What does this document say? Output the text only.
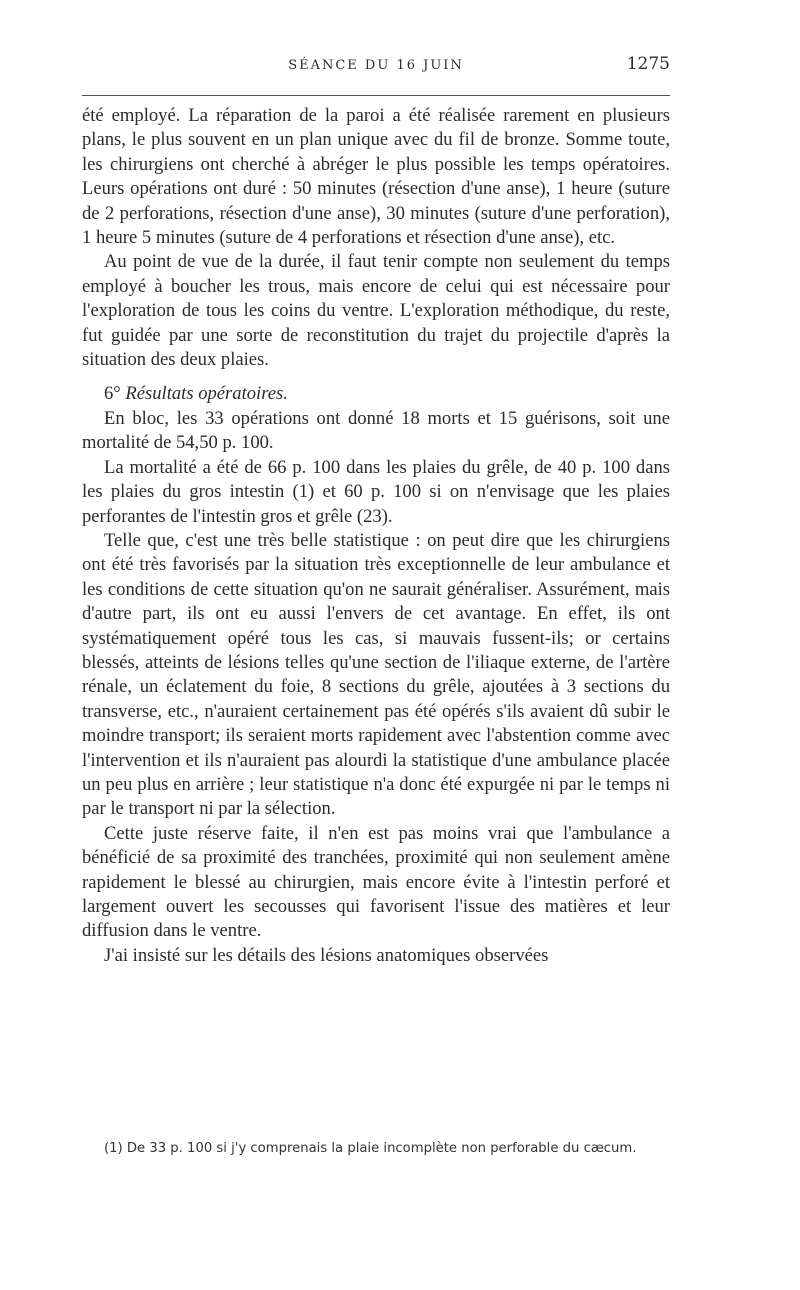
SÉANCE DU 16 JUIN	1275

été employé. La réparation de la paroi a été réalisée rarement en plusieurs plans, le plus souvent en un plan unique avec du fil de bronze. Somme toute, les chirurgiens ont cherché à abréger le plus possible les temps opératoires. Leurs opérations ont duré : 50 minutes (résection d'une anse), 1 heure (suture de 2 perforations, résection d'une anse), 30 minutes (suture d'une perforation), 1 heure 5 minutes (suture de 4 perforations et résection d'une anse), etc.

Au point de vue de la durée, il faut tenir compte non seulement du temps employé à boucher les trous, mais encore de celui qui est nécessaire pour l'exploration de tous les coins du ventre. L'exploration méthodique, du reste, fut guidée par une sorte de reconstitution du trajet du projectile d'après la situation des deux plaies.

6° Résultats opératoires.

En bloc, les 33 opérations ont donné 18 morts et 15 guérisons, soit une mortalité de 54,50 p. 100.

La mortalité a été de 66 p. 100 dans les plaies du grêle, de 40 p. 100 dans les plaies du gros intestin (1) et 60 p. 100 si on n'envisage que les plaies perforantes de l'intestin gros et grêle (23).

Telle que, c'est une très belle statistique : on peut dire que les chirurgiens ont été très favorisés par la situation très exceptionnelle de leur ambulance et les conditions de cette situation qu'on ne saurait généraliser. Assurément, mais d'autre part, ils ont eu aussi l'envers de cet avantage. En effet, ils ont systématiquement opéré tous les cas, si mauvais fussent-ils; or certains blessés, atteints de lésions telles qu'une section de l'iliaque externe, de l'artère rénale, un éclatement du foie, 8 sections du grêle, ajoutées à 3 sections du transverse, etc., n'auraient certainement pas été opérés s'ils avaient dû subir le moindre transport; ils seraient morts rapidement avec l'abstention comme avec l'intervention et ils n'auraient pas alourdi la statistique d'une ambulance placée un peu plus en arrière ; leur statistique n'a donc été expurgée ni par le temps ni par le transport ni par la sélection.

Cette juste réserve faite, il n'en est pas moins vrai que l'ambulance a bénéficié de sa proximité des tranchées, proximité qui non seulement amène rapidement le blessé au chirurgien, mais encore évite à l'intestin perforé et largement ouvert les secousses qui favorisent l'issue des matières et leur diffusion dans le ventre.

J'ai insisté sur les détails des lésions anatomiques observées

(1) De 33 p. 100 si j'y comprenais la plaie incomplète non perforable du cæcum.
